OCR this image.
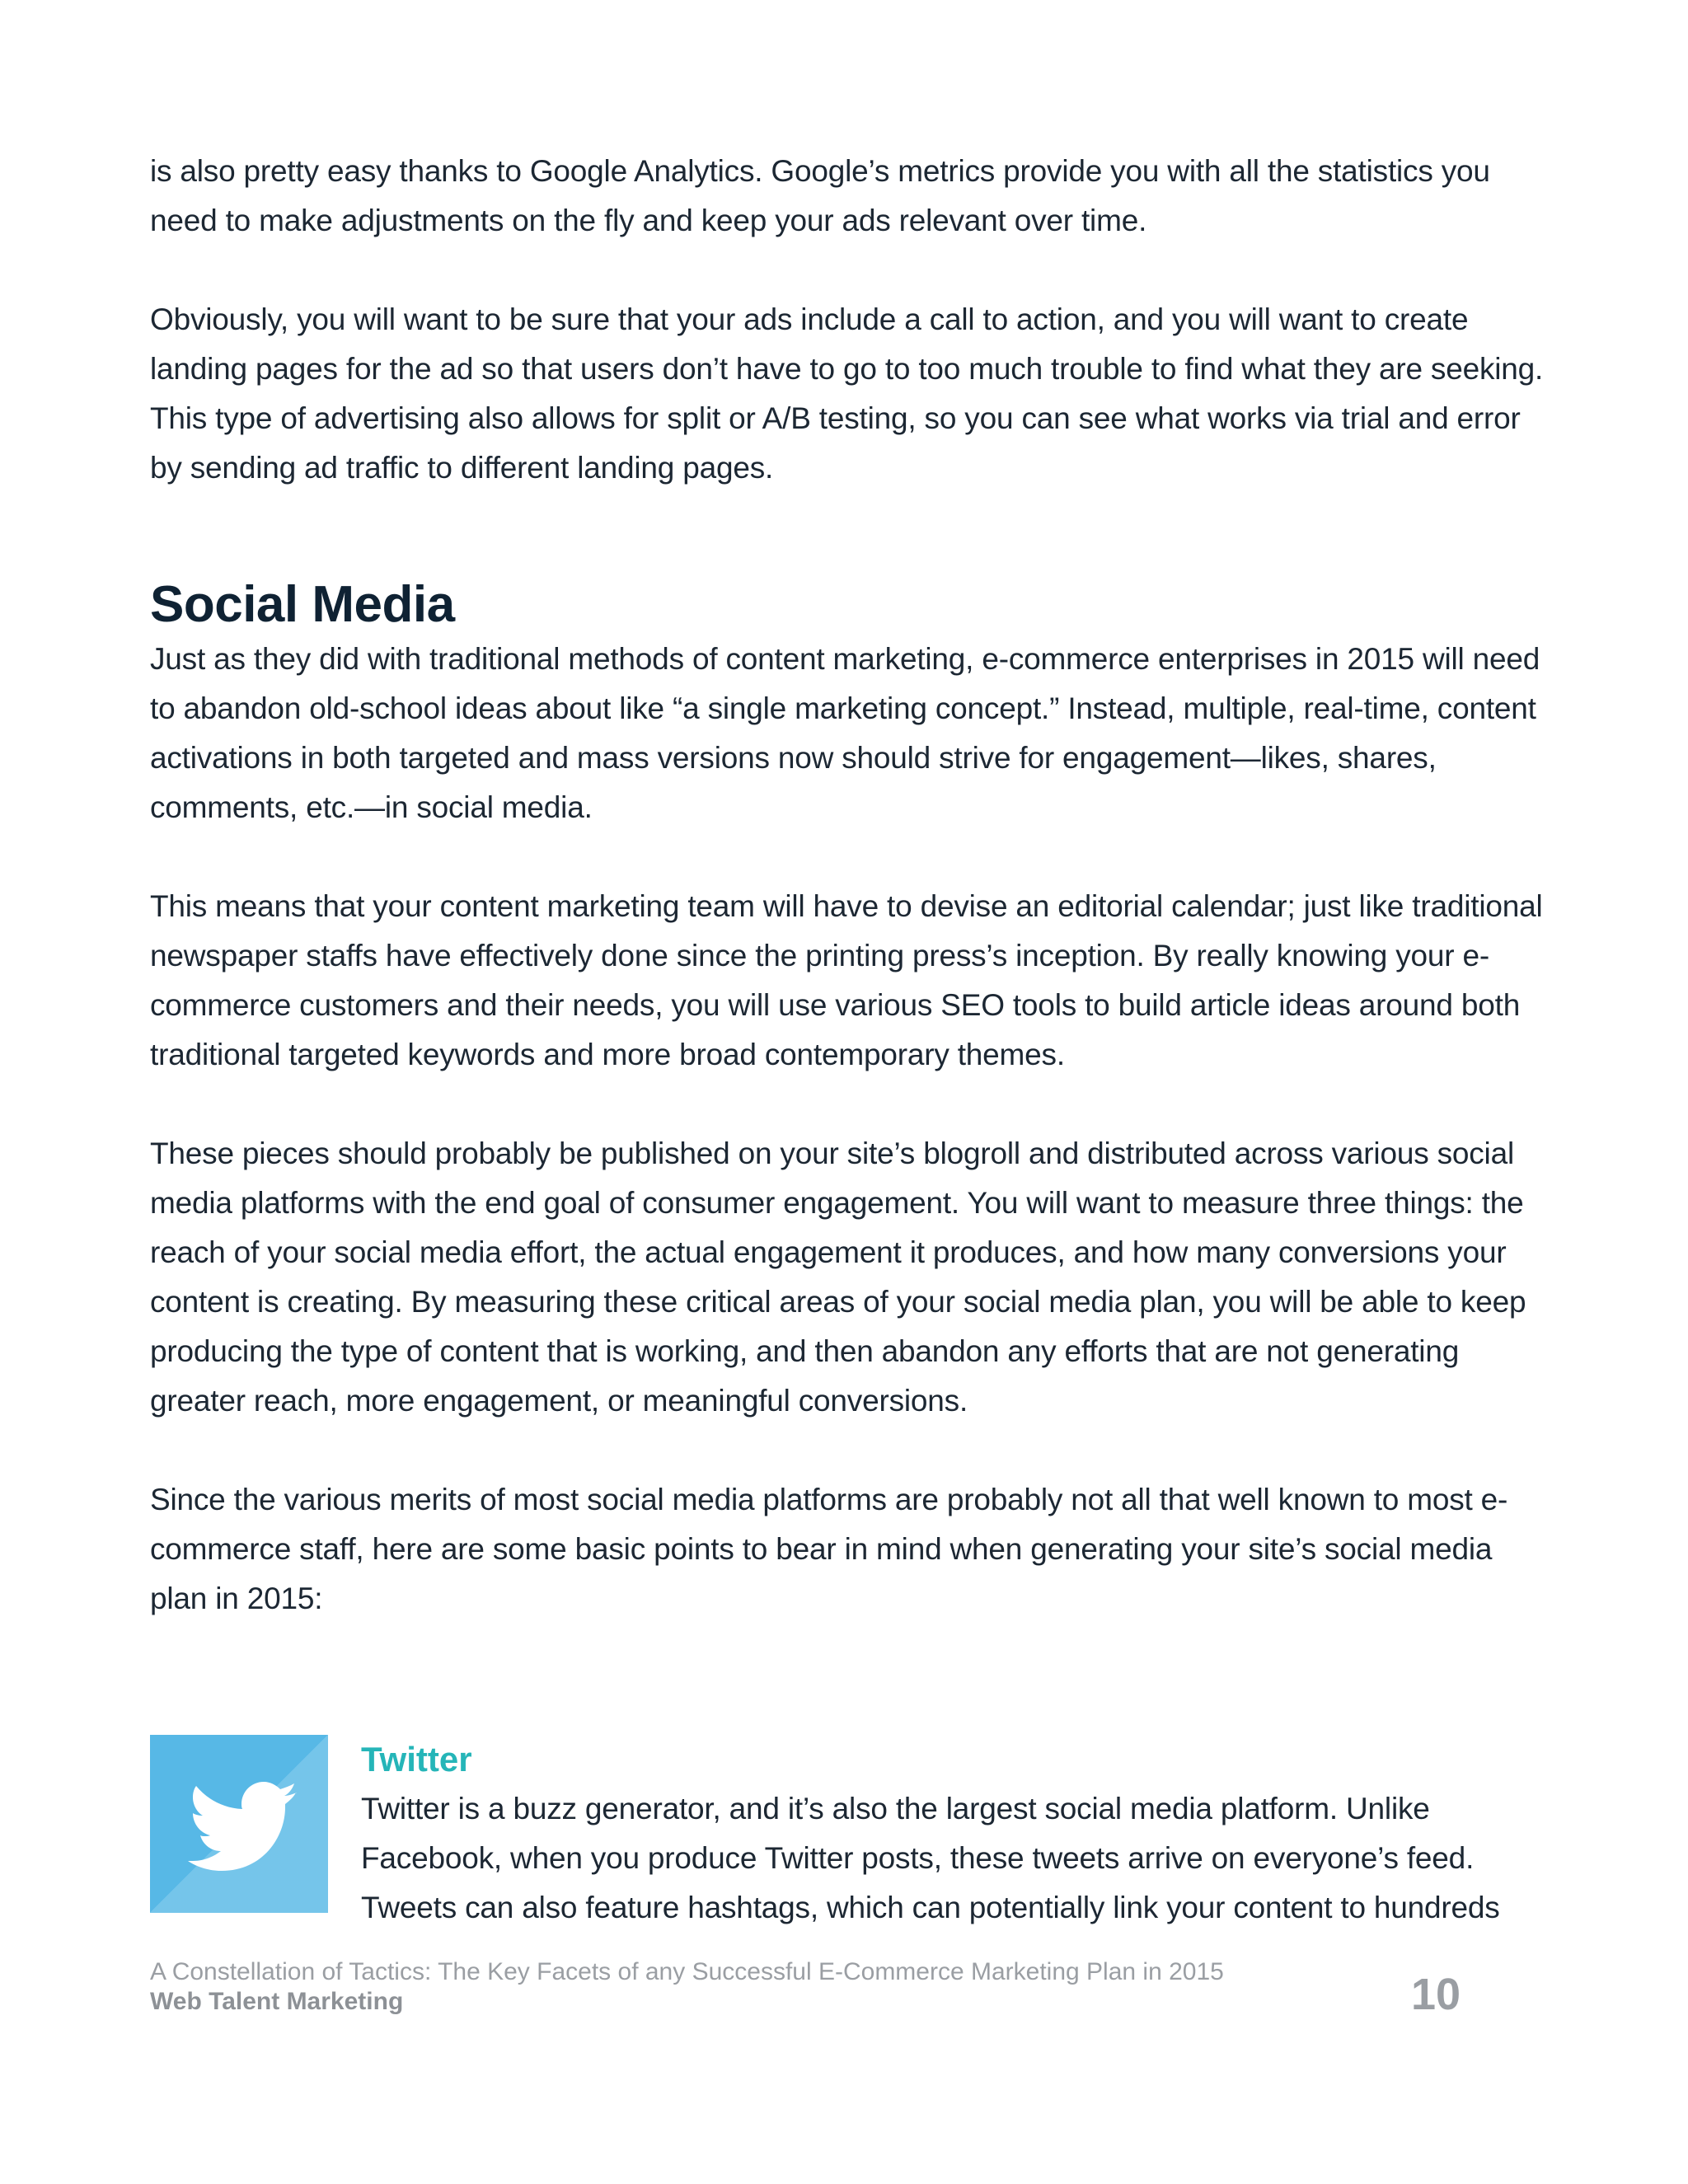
is also pretty easy thanks to Google Analytics. Google’s metrics provide you with all the statistics you need to make adjustments on the fly and keep your ads relevant over time.

Obviously, you will want to be sure that your ads include a call to action, and you will want to create landing pages for the ad so that users don’t have to go to too much trouble to find what they are seeking. This type of advertising also allows for split or A/B testing, so you can see what works via trial and error by sending ad traffic to different landing pages.

Social Media

Just as they did with traditional methods of content marketing, e-commerce enterprises in 2015 will need to abandon old-school ideas about like “a single marketing concept.” Instead, multiple, real-time, content activations in both targeted and mass versions now should strive for engagement—likes, shares, comments, etc.—in social media.

This means that your content marketing team will have to devise an editorial calendar; just like traditional newspaper staffs have effectively done since the printing press’s inception. By really knowing your e-commerce customers and their needs, you will use various SEO tools to build article ideas around both traditional targeted keywords and more broad contemporary themes.

These pieces should probably be published on your site’s blogroll and distributed across various social media platforms with the end goal of consumer engagement. You will want to measure three things: the reach of your social media effort, the actual engagement it produces, and how many conversions your content is creating. By measuring these critical areas of your social media plan, you will be able to keep producing the type of content that is working, and then abandon any efforts that are not generating greater reach, more engagement, or meaningful conversions.

Since the various merits of most social media platforms are probably not all that well known to most e-commerce staff, here are some basic points to bear in mind when generating your site’s social media plan in 2015:

Twitter

Twitter is a buzz generator, and it’s also the largest social media platform. Unlike Facebook, when you produce Twitter posts, these tweets arrive on everyone’s feed. Tweets can also feature hashtags, which can potentially link your content to hundreds

A Constellation of Tactics: The Key Facets of any Successful E-Commerce Marketing Plan in 2015

Web Talent Marketing	10
